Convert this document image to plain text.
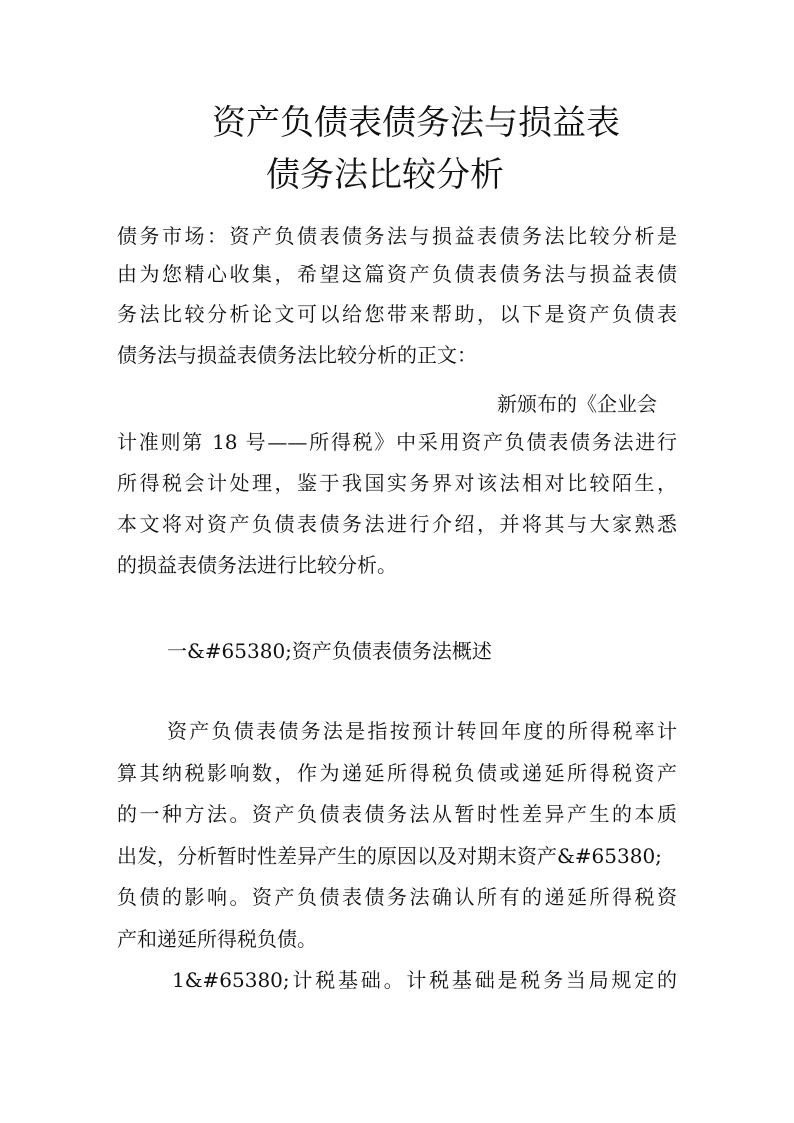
资产负债表债务法与损益表
债务法比较分析
债务市场：资产负债表债务法与损益表债务法比较分析是
由为您精心收集，希望这篇资产负债表债务法与损益表债
务法比较分析论文可以给您带来帮助，以下是资产负债表
债务法与损益表债务法比较分析的正文：
新颁布的《企业会
计准则第 18 号——所得税》中采用资产负债表债务法进行
所得税会计处理，鉴于我国实务界对该法相对比较陌生，
本文将对资产负债表债务法进行介绍，并将其与大家熟悉
的损益表债务法进行比较分析。
一&#65380;资产负债表债务法概述
资产负债表债务法是指按预计转回年度的所得税率计
算其纳税影响数，作为递延所得税负债或递延所得税资产
的一种方法。资产负债表债务法从暂时性差异产生的本质
出发，分析暂时性差异产生的原因以及对期末资产&#65380;
负债的影响。资产负债表债务法确认所有的递延所得税资
产和递延所得税负债。
1&#65380;计税基础。计税基础是税务当局规定的
